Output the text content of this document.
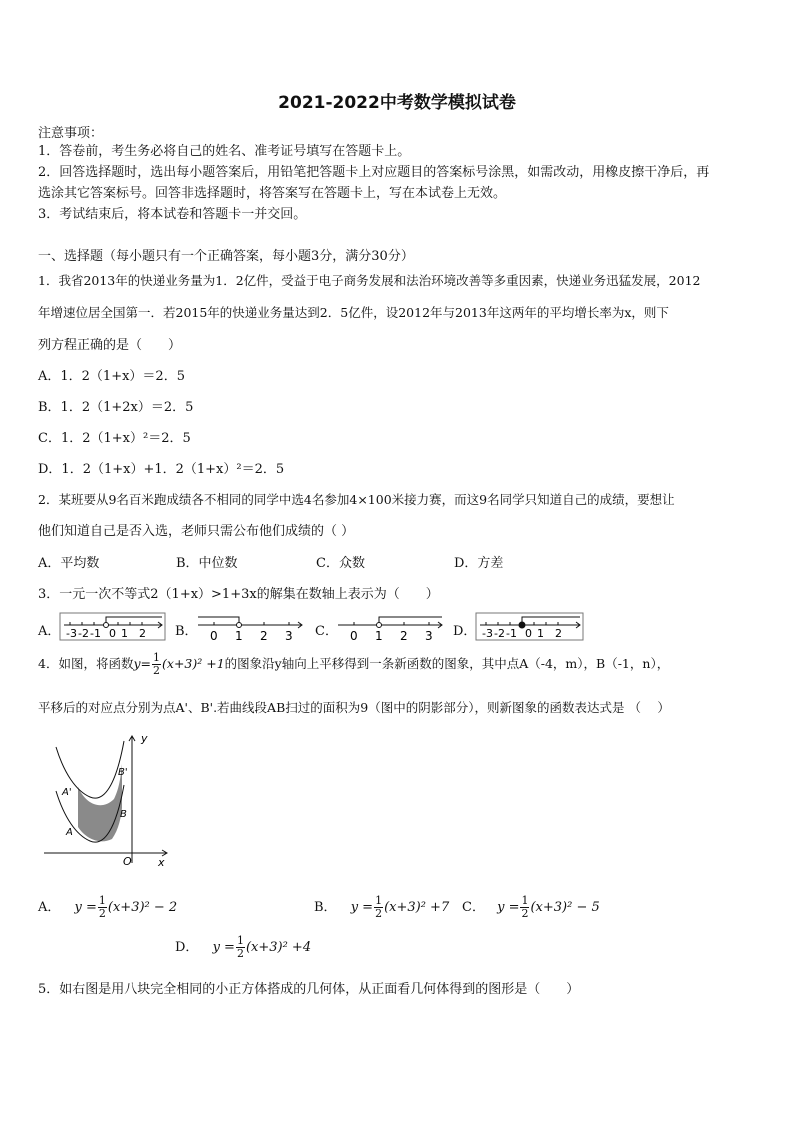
2021-2022中考数学模拟试卷
注意事项：
1．答卷前，考生务必将自己的姓名、准考证号填写在答题卡上。
2．回答选择题时，选出每小题答案后，用铅笔把答题卡上对应题目的答案标号涂黑，如需改动，用橡皮擦干净后，再
选涂其它答案标号。回答非选择题时，将答案写在答题卡上，写在本试卷上无效。
3．考试结束后，将本试卷和答题卡一并交回。
一、选择题（每小题只有一个正确答案，每小题3分，满分30分）
1．我省2013年的快递业务量为1．2亿件，受益于电子商务发展和法治环境改善等多重因素，快递业务迅猛发展，2012
年增速位居全国第一．若2015年的快递业务量达到2．5亿件，设2012年与2013年这两年的平均增长率为x，则下
列方程正确的是（　　）
A．1．2（1+x）＝2．5
B．1．2（1+2x）＝2．5
C．1．2（1+x）²＝2．5
D．1．2（1+x）+1．2（1+x）²＝2．5
2．某班要从9名百米跑成绩各不相同的同学中选4名参加4×100米接力赛，而这9名同学只知道自己的成绩，要想让
他们知道自己是否入选，老师只需公布他们成绩的（ ）
A．平均数	B．中位数	C．众数	D．方差
3．一元一次不等式2（1+x）>1+3x的解集在数轴上表示为（　　）
A． -3 -2 -1 0 1 2 B． 0 1 2 3 C． 0 1 2 3 D． -3 -2 -1 0 1 2
4．如图，将函数$y= \frac{1}{2} (x+3)^2 +1$的图象沿y轴向上平移得到一条新函数的图象，其中点A（-4，m），B（-1，n），
平移后的对应点分别为点A'、B'.若曲线段AB扫过的面积为9（图中的阴影部分），则新图象的函数表达式是 （　 ）
y
x
O
A
A'
B
B'
A． $y = \frac{1}{2} (x+3)^2 - 2$	B． $y = \frac{1}{2} (x+3)^2 +7$ C． $y = \frac{1}{2} (x+3)^2 - 5$
D． $y = \frac{1}{2} (x+3)^2 +4$
5．如右图是用八块完全相同的小正方体搭成的几何体，从正面看几何体得到的图形是（　　）
